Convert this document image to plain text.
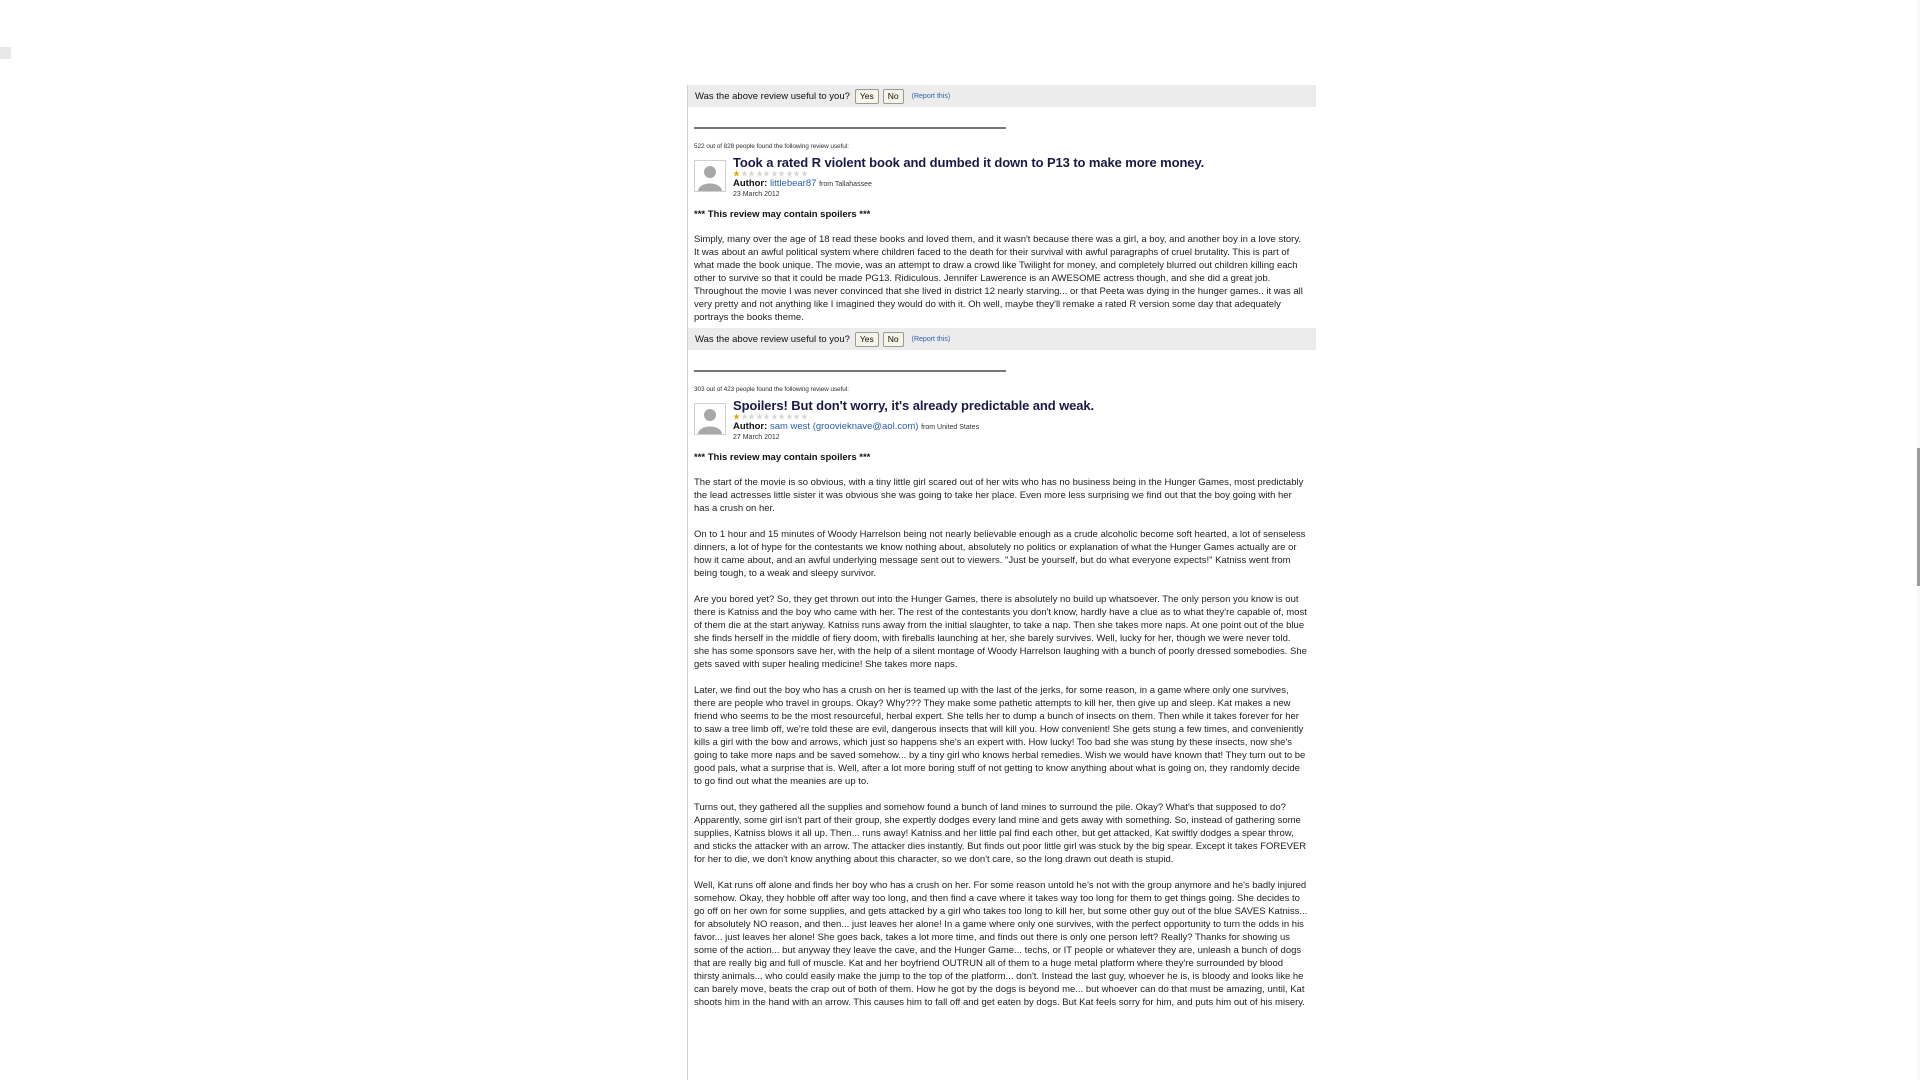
Was the above review useful to you?	Yes	No	(Report this)
522 out of 828 people found the following review useful:
Took a rated R violent book and dumbed it down to P13 to make more money.
Author: littlebear87 from Tallahassee
23 March 2012
*** This review may contain spoilers ***
Simply, many over the age of 18 read these books and loved them, and it wasn't because there was a girl, a boy, and another boy in a love story. It was about an awful political system where children faced to the death for their survival with awful paragraphs of cruel brutality. This is part of what made the book unique. The movie, was an attempt to draw a crowd like Twilight for money, and completely blurred out children killing each other to survive so that it could be made PG13. Ridiculous. Jennifer Lawerence is an AWESOME actress though, and she did a great job. Throughout the movie I was never convinced that she lived in district 12 nearly starving... or that Peeta was dying in the hunger games.. it was all very pretty and not anything like I imagined they would do with it. Oh well, maybe they'll remake a rated R version some day that adequately portrays the books theme.
Was the above review useful to you?	Yes	No	(Report this)
303 out of 423 people found the following review useful:
Spoilers! But don't worry, it's already predictable and weak.
Author: sam west (groovieknave@aol.com) from United States
27 March 2012
*** This review may contain spoilers ***
The start of the movie is so obvious, with a tiny little girl scared out of her wits who has no business being in the Hunger Games, most predictably the lead actresses little sister it was obvious she was going to take her place. Even more less surprising we find out that the boy going with her has a crush on her.
On to 1 hour and 15 minutes of Woody Harrelson being not nearly believable enough as a crude alcoholic become soft hearted, a lot of senseless dinners, a lot of hype for the contestants we know nothing about, absolutely no politics or explanation of what the Hunger Games actually are or how it came about, and an awful underlying message sent out to viewers. "Just be yourself, but do what everyone expects!" Katniss went from being tough, to a weak and sleepy survivor.
Are you bored yet? So, they get thrown out into the Hunger Games, there is absolutely no build up whatsoever. The only person you know is out there is Katniss and the boy who came with her. The rest of the contestants you don't know, hardly have a clue as to what they're capable of, most of them die at the start anyway. Katniss runs away from the initial slaughter, to take a nap. Then she takes more naps. At one point out of the blue she finds herself in the middle of fiery doom, with fireballs launching at her, she barely survives. Well, lucky for her, though we were never told. she has some sponsors save her, with the help of a silent montage of Woody Harrelson laughing with a bunch of poorly dressed somebodies. She gets saved with super healing medicine! She takes more naps.
Later, we find out the boy who has a crush on her is teamed up with the last of the jerks, for some reason, in a game where only one survives, there are people who travel in groups. Okay? Why??? They make some pathetic attempts to kill her, then give up and sleep. Kat makes a new friend who seems to be the most resourceful, herbal expert. She tells her to dump a bunch of insects on them. Then while it takes forever for her to saw a tree limb off, we're told these are evil, dangerous insects that will kill you. How convenient! She gets stung a few times, and conveniently kills a girl with the bow and arrows, which just so happens she's an expert with. How lucky! Too bad she was stung by these insects, now she's going to take more naps and be saved somehow... by a tiny girl who knows herbal remedies. Wish we would have known that! They turn out to be good pals, what a surprise that is. Well, after a lot more boring stuff of not getting to know anything about what is going on, they randomly decide to go find out what the meanies are up to.
Turns out, they gathered all the supplies and somehow found a bunch of land mines to surround the pile. Okay? What's that supposed to do? Apparently, some girl isn't part of their group, she expertly dodges every land mine and gets away with something. So, instead of gathering some supplies, Katniss blows it all up. Then... runs away! Katniss and her little pal find each other, but get attacked, Kat swiftly dodges a spear throw, and sticks the attacker with an arrow. The attacker dies instantly. But finds out poor little girl was stuck by the big spear. Except it takes FOREVER for her to die, we don't know anything about this character, so we don't care, so the long drawn out death is stupid.
Well, Kat runs off alone and finds her boy who has a crush on her. For some reason untold he's not with the group anymore and he's badly injured somehow. Okay, they hobble off after way too long, and then find a cave where it takes way too long for them to get things going. She decides to go off on her own for some supplies, and gets attacked by a girl who takes too long to kill her, but some other guy out of the blue SAVES Katniss... for absolutely NO reason, and then... just leaves her alone! In a game where only one survives, with the perfect opportunity to turn the odds in his favor... just leaves her alone! She goes back, takes a lot more time, and finds out there is only one person left? Really? Thanks for showing us some of the action... but anyway they leave the cave, and the Hunger Game... techs, or IT people or whatever they are, unleash a bunch of dogs that are really big and full of muscle. Kat and her boyfriend OUTRUN all of them to a huge metal platform where they're surrounded by blood thirsty animals... who could easily make the jump to the top of the platform... don't. Instead the last guy, whoever he is, is bloody and looks like he can barely move, beats the crap out of both of them. How he got by the dogs is beyond me... but whoever can do that must be amazing, until, Kat shoots him in the hand with an arrow. This causes him to fall off and get eaten by dogs. But Kat feels sorry for him, and puts him out of his misery.
